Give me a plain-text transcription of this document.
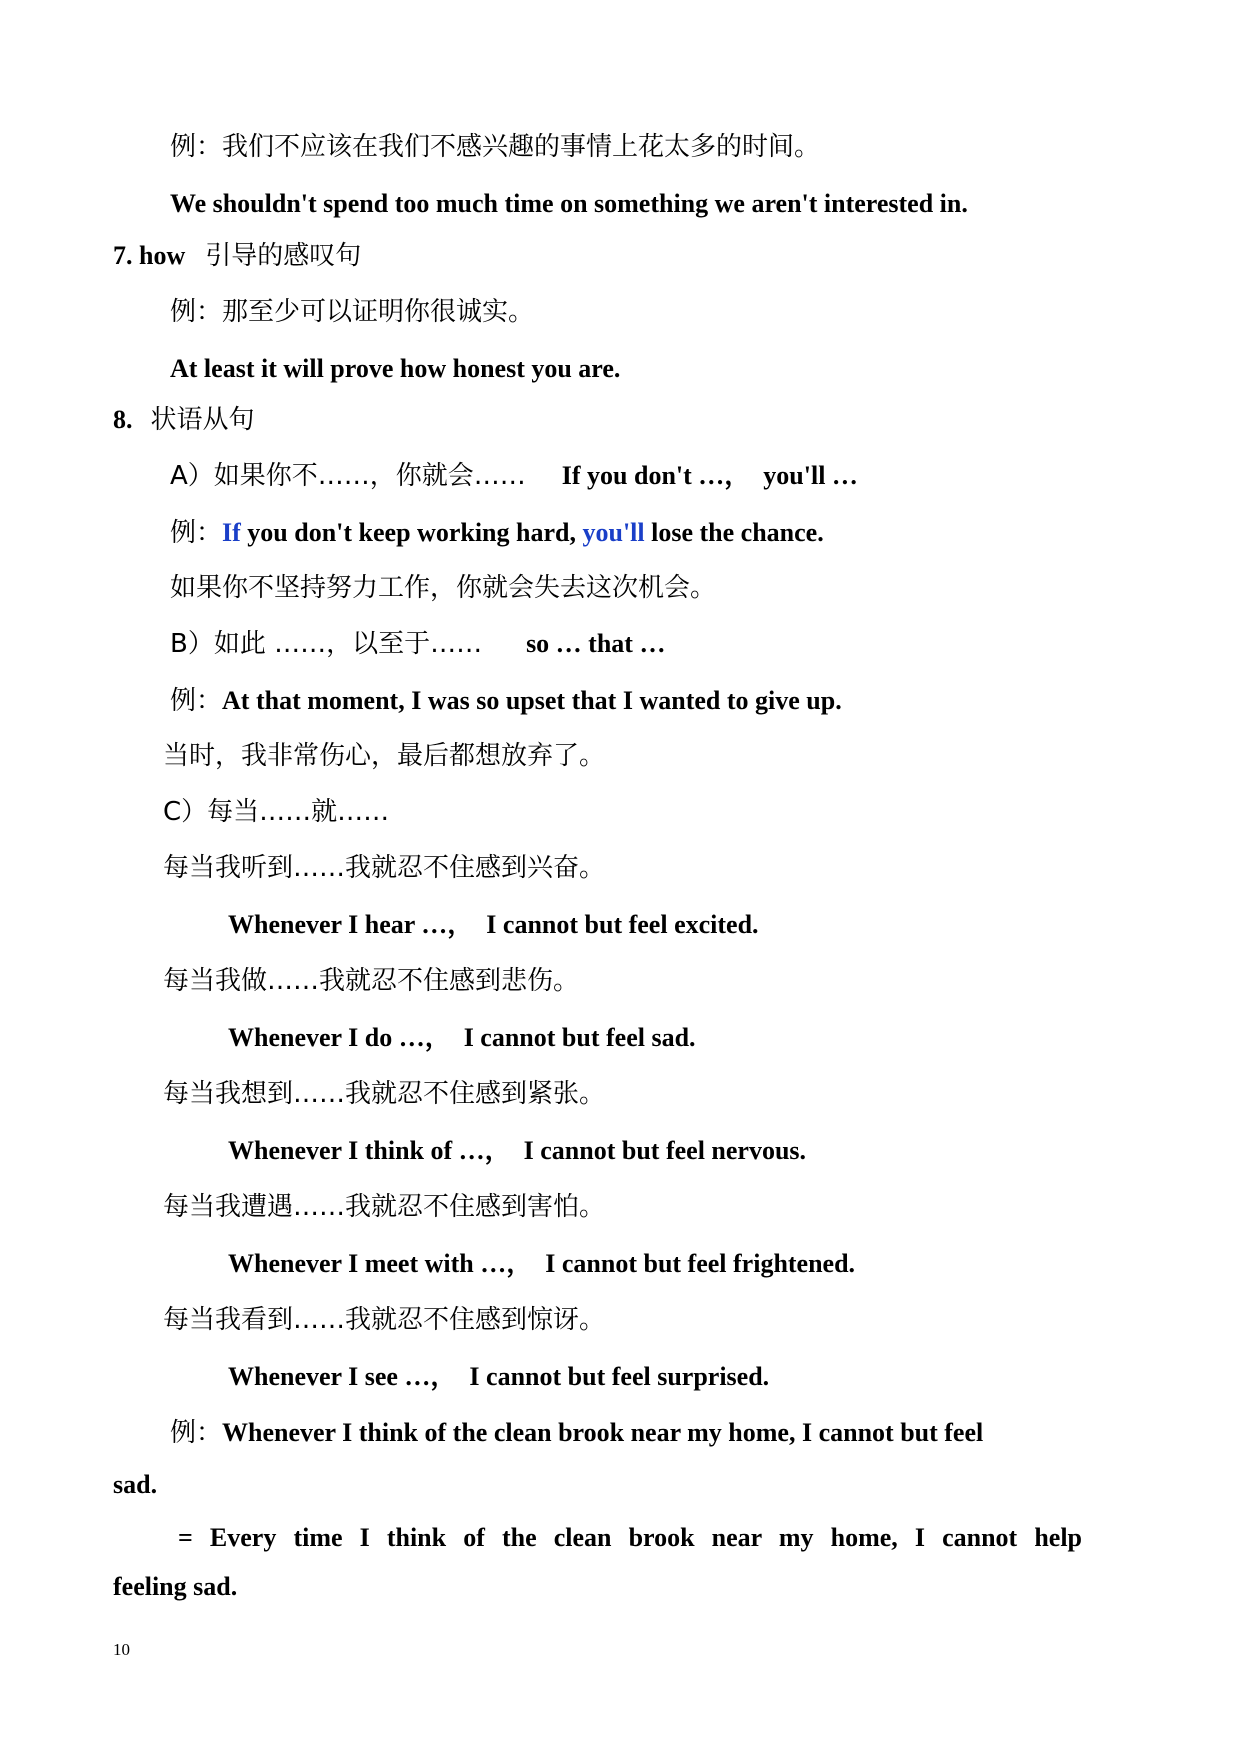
例：我们不应该在我们不感兴趣的事情上花太多的时间。
We shouldn't spend too much time on something we aren't interested in.
7. how 引导的感叹句
例：那至少可以证明你很诚实。
At least it will prove how honest you are.
8. 状语从句
A）如果你不……，你就会…… If you don't …，　you'll …
例：If you don't keep working hard, you'll lose the chance.
如果你不坚持努力工作，你就会失去这次机会。
B）如此 ……，以至于…… so … that …
例：At that moment, I was so upset that I wanted to give up.
当时，我非常伤心，最后都想放弃了。
C）每当……就……
每当我听到……我就忍不住感到兴奋。
Whenever I hear …，　I cannot but feel excited.
每当我做……我就忍不住感到悲伤。
Whenever I do …，　I cannot but feel sad.
每当我想到……我就忍不住感到紧张。
Whenever I think of …，　I cannot but feel nervous.
每当我遭遇……我就忍不住感到害怕。
Whenever I meet with …，　I cannot but feel frightened.
每当我看到……我就忍不住感到惊讶。
Whenever I see …，　I cannot but feel surprised.
例：Whenever I think of the clean brook near my home, I cannot but feel
sad.
= Every time I think of the clean brook near my home, I cannot help
feeling sad.
10
